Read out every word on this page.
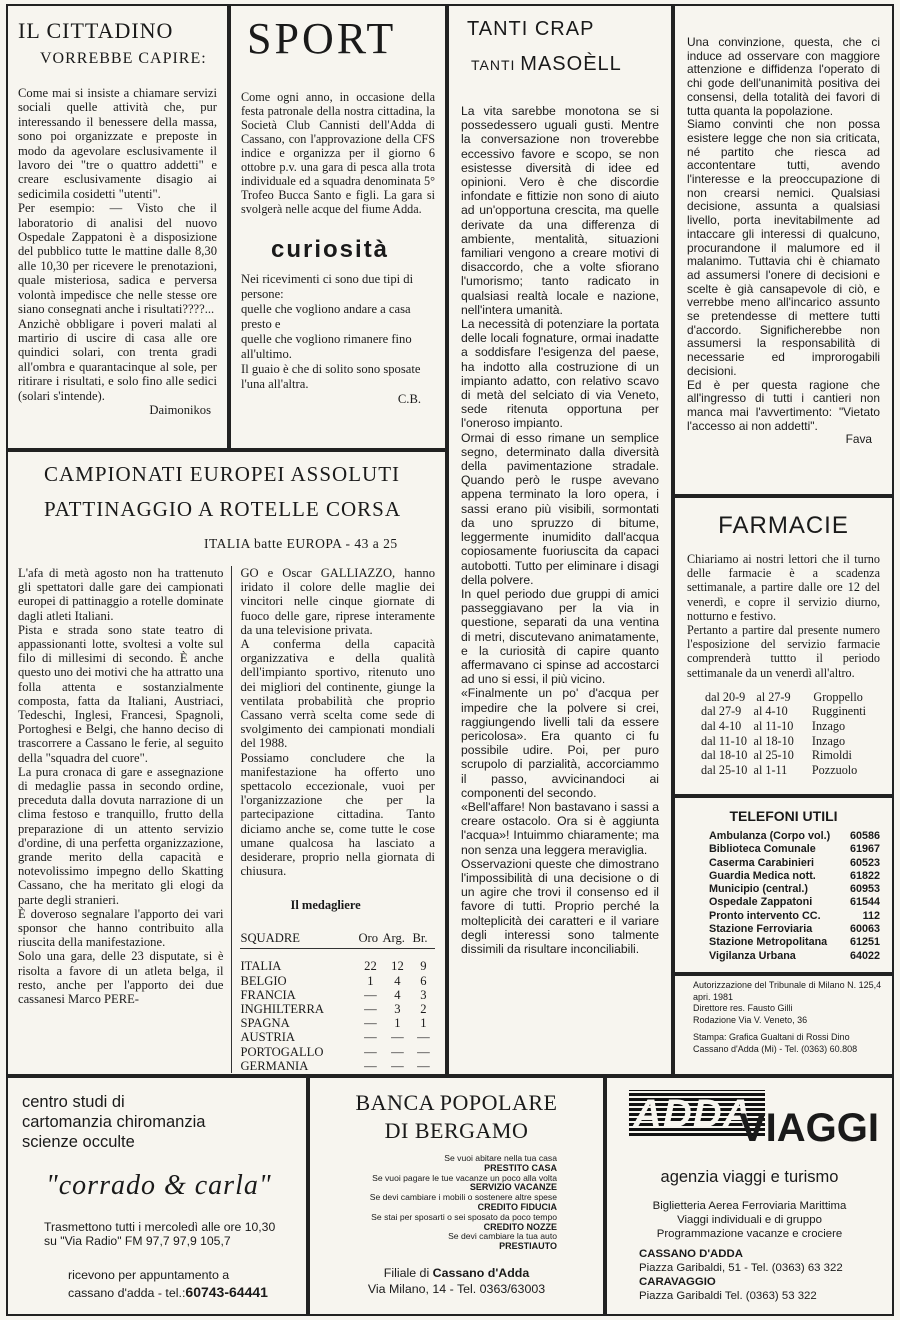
IL CITTADINO
VORREBBE CAPIRE:

Come mai si insiste a chiamare servizi sociali quelle attività che, pur interessando il benessere della massa, sono poi organizzate e preposte in modo da agevolare esclusivamente il lavoro dei "tre o quattro addetti" e creare esclusivamente disagio ai sedicimila cosidetti "utenti".

Per esempio: — Visto che il laboratorio di analisi del nuovo Ospedale Zappatoni è a disposizione del pubblico tutte le mattine dalle 8,30 alle 10,30 per ricevere le prenotazioni, quale misteriosa, sadica e perversa volontà impedisce che nelle stesse ore siano consegnati anche i risultati????...

Anzichè obbligare i poveri malati al martirio di uscire di casa alle ore quindici solari, con trenta gradi all'ombra e quarantacinque al sole, per ritirare i risultati, e solo fino alle sedici (solari s'intende).

Daimonikos

SPORT

Come ogni anno, in occasione della festa patronale della nostra cittadina, la Società Club Cannisti dell'Adda di Cassano, con l'approvazione della CFS indice e organizza per il giorno 6 ottobre p.v. una gara di pesca alla trota individuale ed a squadra denominata 5° Trofeo Bucca Santo e figli. La gara si svolgerà nelle acque del fiume Adda.

curiosità

Nei ricevimenti ci sono due tipi di persone:

quelle che vogliono andare a casa presto e

quelle che vogliono rimanere fino all'ultimo.

Il guaio è che di solito sono sposate

l'una all'altra.

C.B.

TANTI CRAP
TANTI MASOÈLL

La vita sarebbe monotona se si possedessero uguali gusti. Mentre la conversazione non troverebbe eccessivo favore e scopo, se non esistesse diversità di idee ed opinioni. Vero è che discordie infondate e fittizie non sono di aiuto ad un'opportuna crescita, ma quelle derivate da una differenza di ambiente, mentalità, situazioni familiari vengono a creare motivi di disaccordo, che a volte sfiorano l'umorismo; tanto radicato in qualsiasi realtà locale e nazione, nell'intera umanità.

La necessità di potenziare la portata delle locali fognature, ormai inadatte a soddisfare l'esigenza del paese, ha indotto alla costruzione di un impianto adatto, con relativo scavo di metà del selciato di via Veneto, sede ritenuta opportuna per l'oneroso impianto.

Ormai di esso rimane un semplice segno, determinato dalla diversità della pavimentazione stradale. Quando però le ruspe avevano appena terminato la loro opera, i sassi erano più visibili, sormontati da uno spruzzo di bitume, leggermente inumidito dall'acqua copiosamente fuoriuscita da capaci autobotti. Tutto per eliminare i disagi della polvere.

In quel periodo due gruppi di amici passeggiavano per la via in questione, separati da una ventina di metri, discutevano animatamente, e la curiosità di capire quanto affermavano ci spinse ad accostarci ad uno si essi, il più vicino.

«Finalmente un po' d'acqua per impedire che la polvere si crei, raggiungendo livelli tali da essere pericolosa». Era quanto ci fu possibile udire. Poi, per puro scrupolo di parzialità, accorciammo il passo, avvicinandoci ai componenti del secondo.

«Bell'affare! Non bastavano i sassi a creare ostacolo. Ora si è aggiunta l'acqua»! Intuimmo chiaramente; ma non senza una leggera meraviglia.

Osservazioni queste che dimostrano l'impossibilità di una decisione o di un agire che trovi il consenso ed il favore di tutti. Proprio perché la molteplicità dei caratteri e il variare degli interessi sono talmente dissimili da risultare inconciliabili.

Una convinzione, questa, che ci induce ad osservare con maggiore attenzione e diffidenza l'operato di chi gode dell'unanimità positiva dei consensi, della totalità dei favori di tutta quanta la popolazione.

Siamo convinti che non possa esistere legge che non sia criticata, né partito che riesca ad accontentare tutti, avendo l'interesse e la preoccupazione di non crearsi nemici. Qualsiasi decisione, assunta a qualsiasi livello, porta inevitabilmente ad intaccare gli interessi di qualcuno, procurandone il malumore ed il malanimo. Tuttavia chi è chiamato ad assumersi l'onere di decisioni e scelte è già cansapevole di ciò, e verrebbe meno all'incarico assunto se pretendesse di mettere tutti d'accordo. Significherebbe non assumersi la responsabilità di necessarie ed improrogabili decisioni.

Ed è per questa ragione che all'ingresso di tutti i cantieri non manca mai l'avvertimento: "Vietato l'accesso ai non addetti".

Fava

CAMPIONATI EUROPEI ASSOLUTI
PATTINAGGIO A ROTELLE CORSA
ITALIA batte EUROPA - 43 a 25

L'afa di metà agosto non ha trattenuto gli spettatori dalle gare dei campionati europei di pattinaggio a rotelle dominate dagli atleti Italiani.

Pista e strada sono state teatro di appassionanti lotte, svoltesi a volte sul filo di millesimi di secondo. È anche questo uno dei motivi che ha attratto una folla attenta e sostanzialmente composta, fatta da Italiani, Austriaci, Tedeschi, Inglesi, Francesi, Spagnoli, Portoghesi e Belgi, che hanno deciso di trascorrere a Cassano le ferie, al seguito della "squadra del cuore".

La pura cronaca di gare e assegnazione di medaglie passa in secondo ordine, preceduta dalla dovuta narrazione di un clima festoso e tranquillo, frutto della preparazione di un attento servizio d'ordine, di una perfetta organizzazione, grande merito della capacità e notevolissimo impegno dello Skatting Cassano, che ha meritato gli elogi da parte degli stranieri.

È doveroso segnalare l'apporto dei vari sponsor che hanno contribuito alla riuscita della manifestazione.

Solo una gara, delle 23 disputate, si è risolta a favore di un atleta belga, il resto, anche per l'apporto dei due cassanesi Marco PERE-

GO e Oscar GALLIAZZO, hanno iridato il colore delle maglie dei vincitori nelle cinque giornate di fuoco delle gare, riprese interamente da una televisione privata.

A conferma della capacità organizzativa e della qualità dell'impianto sportivo, ritenuto uno dei migliori del continente, giunge la ventilata probabilità che proprio Cassano verrà scelta come sede di svolgimento dei campionati mondiali del 1988.

Possiamo concludere che la manifestazione ha offerto uno spettacolo eccezionale, vuoi per l'organizzazione che per la partecipazione cittadina. Tanto diciamo anche se, come tutte le cose umane qualcosa ha lasciato a desiderare, proprio nella giornata di chiusura.

Il medagliere
SQUADRE	Oro Arg. Br.
ITALIA	22	12	9
BELGIO	1	4	6
FRANCIA	—	4	3
INGHILTERRA	—	3	2
SPAGNA	—	1	1
AUSTRIA	—	—	—
PORTOGALLO	—	—	—
GERMANIA	—	—	—
FARMACIE

Chiariamo ai nostri lettori che il turno delle farmacie è a scadenza settimanale, a partire dalle ore 12 del venerdì, e copre il servizio diurno, notturno e festivo.

Pertanto a partire dal presente numero l'esposizione del servizio farmacie comprenderà tuttto il periodo settimanale da un venerdì all'altro.

dal 20-9 al 27-9	Groppello
dal 27-9	al 4-10	Rugginenti
dal 4-10	al 11-10	Inzago
dal 11-10 al 18-10	Inzago
dal 18-10 al 25-10	Rimoldi
dal 25-10 al 1-11	Pozzuolo
TELEFONI UTILI
Ambulanza (Corpo vol.) 60586
Biblioteca Comunale	61967
Caserma Carabinieri	60523
Guardia Medica nott.	61822
Municipio (central.)	60953
Ospedale Zappatoni	61544
Pronto intervento CC.	112
Stazione Ferroviaria	60063
Stazione Metropolitana 61251
Vigilanza Urbana	64022

Autorizzazione del Tribunale di Milano N. 125,4 apri. 1981

Direttore res. Fausto Gilli

Rodazione Via V. Veneto, 36

Stampa: Grafica Gualtani di Rossi Dino Cassano d'Adda (Mi) - Tel. (0363) 60.808

centro studi di

cartomanzia chiromanzia

scienze occulte

"corrado & carla"

Trasmettono tutti i mercoledì alle ore 10,30 su "Via Radio" FM 97,7 97,9 105,7

ricevono per appuntamento a

cassano d'adda - tel.:60743-64441

BANCA POPOLARE
DI BERGAMO
Se vuoi abitare nella tua casa
PRESTITO CASA
Se vuoi pagare le tue vacanze un poco alla volta
SERVIZIO VACANZE
Se devi cambiare i mobili o sostenere altre spese
CREDITO FIDUCIA
Se stai per sposarti o sei sposato da poco tempo
CREDITO NOZZE
Se devi cambiare la tua auto
PRESTIAUTO
Filiale di Cassano d'Adda
Via Milano, 14 - Tel. 0363/63003
ADDA
VIAGGI
agenzia viaggi e turismo

Biglietteria Aerea Ferroviaria Marittima

Viaggi individuali e di gruppo

Programmazione vacanze e crociere

CASSANO D'ADDA

Piazza Garibaldi, 51 - Tel. (0363) 63 322

CARAVAGGIO

Piazza Garibaldi Tel. (0363) 53 322
